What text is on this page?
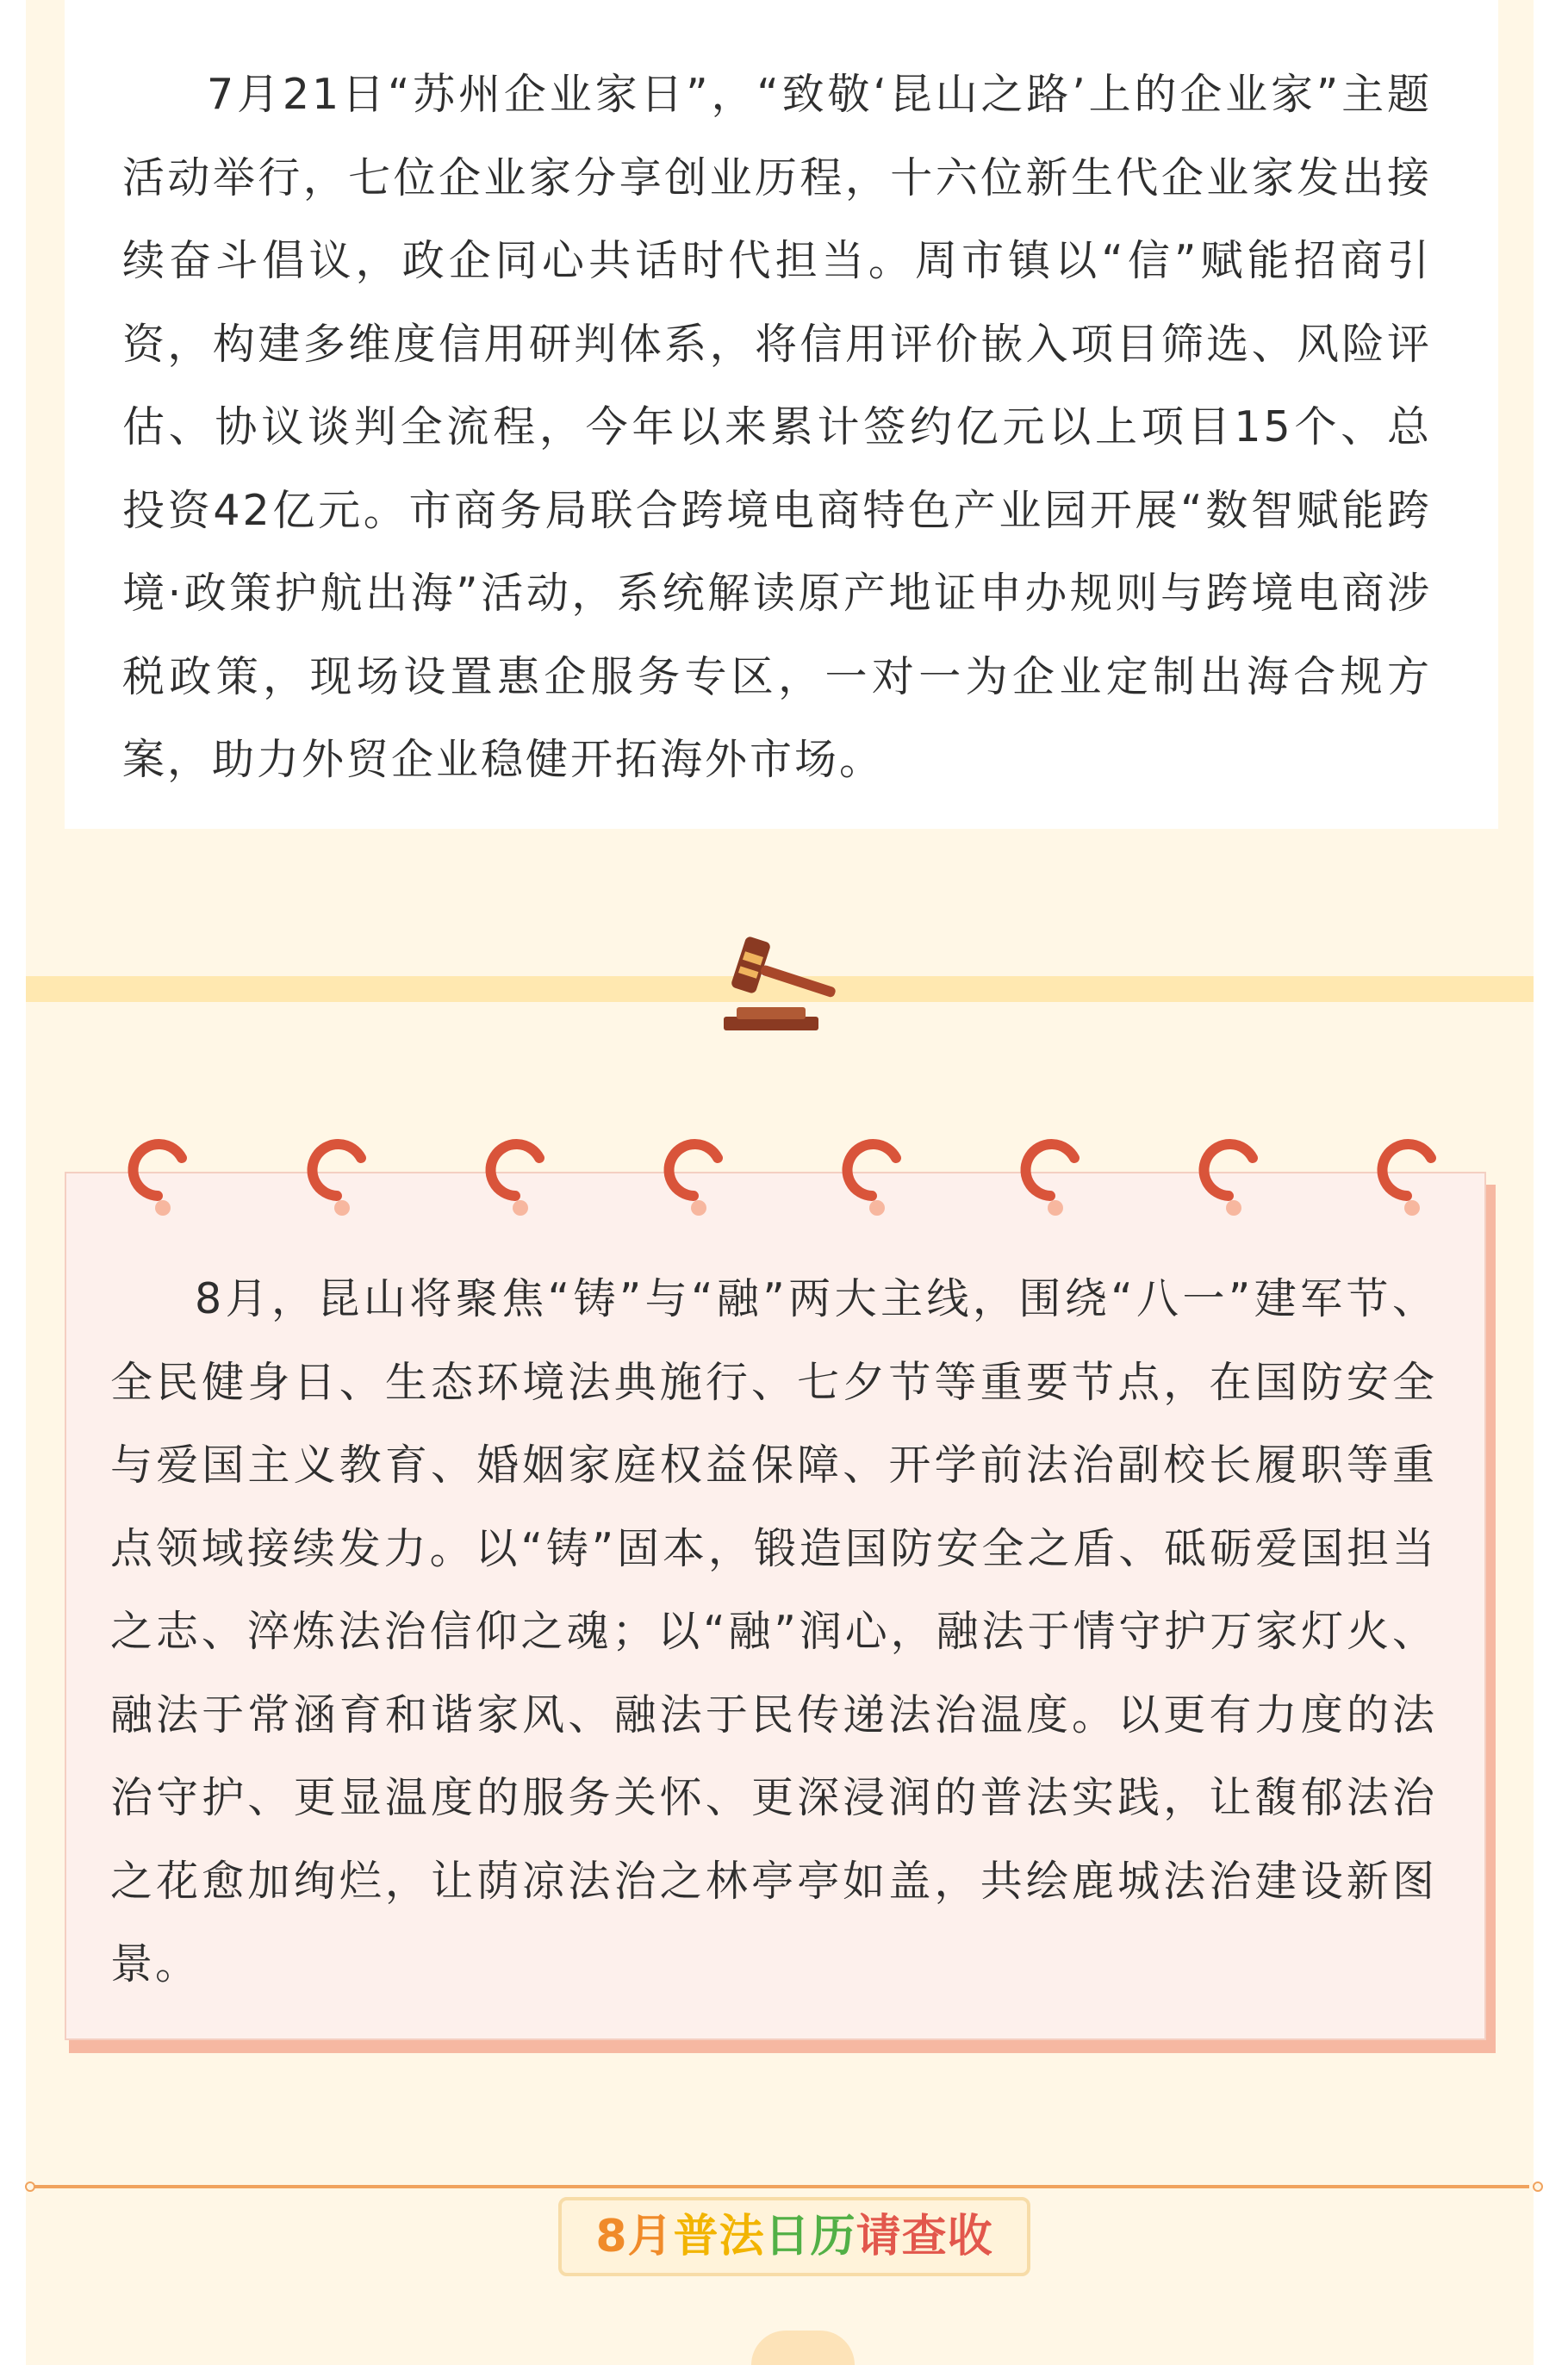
7月21日“苏州企业家日”，“致敬‘昆山之路’上的企业家”主题活动举行，七位企业家分享创业历程，十六位新生代企业家发出接续奋斗倡议，政企同心共话时代担当。周市镇以“信”赋能招商引资，构建多维度信用研判体系，将信用评价嵌入项目筛选、风险评估、协议谈判全流程，今年以来累计签约亿元以上项目15个、总投资42亿元。市商务局联合跨境电商特色产业园开展“数智赋能跨境·政策护航出海”活动，系统解读原产地证申办规则与跨境电商涉税政策，现场设置惠企服务专区，一对一为企业定制出海合规方案，助力外贸企业稳健开拓海外市场。
8月，昆山将聚焦“铸”与“融”两大主线，围绕“八一”建军节、全民健身日、生态环境法典施行、七夕节等重要节点，在国防安全与爱国主义教育、婚姻家庭权益保障、开学前法治副校长履职等重点领域接续发力。以“铸”固本，锻造国防安全之盾、砥砺爱国担当之志、淬炼法治信仰之魂；以“融”润心，融法于情守护万家灯火、融法于常涵育和谐家风、融法于民传递法治温度。以更有力度的法治守护、更显温度的服务关怀、更深浸润的普法实践，让馥郁法治之花愈加绚烂，让荫凉法治之林亭亭如盖，共绘鹿城法治建设新图景。
8月普法日历请查收
